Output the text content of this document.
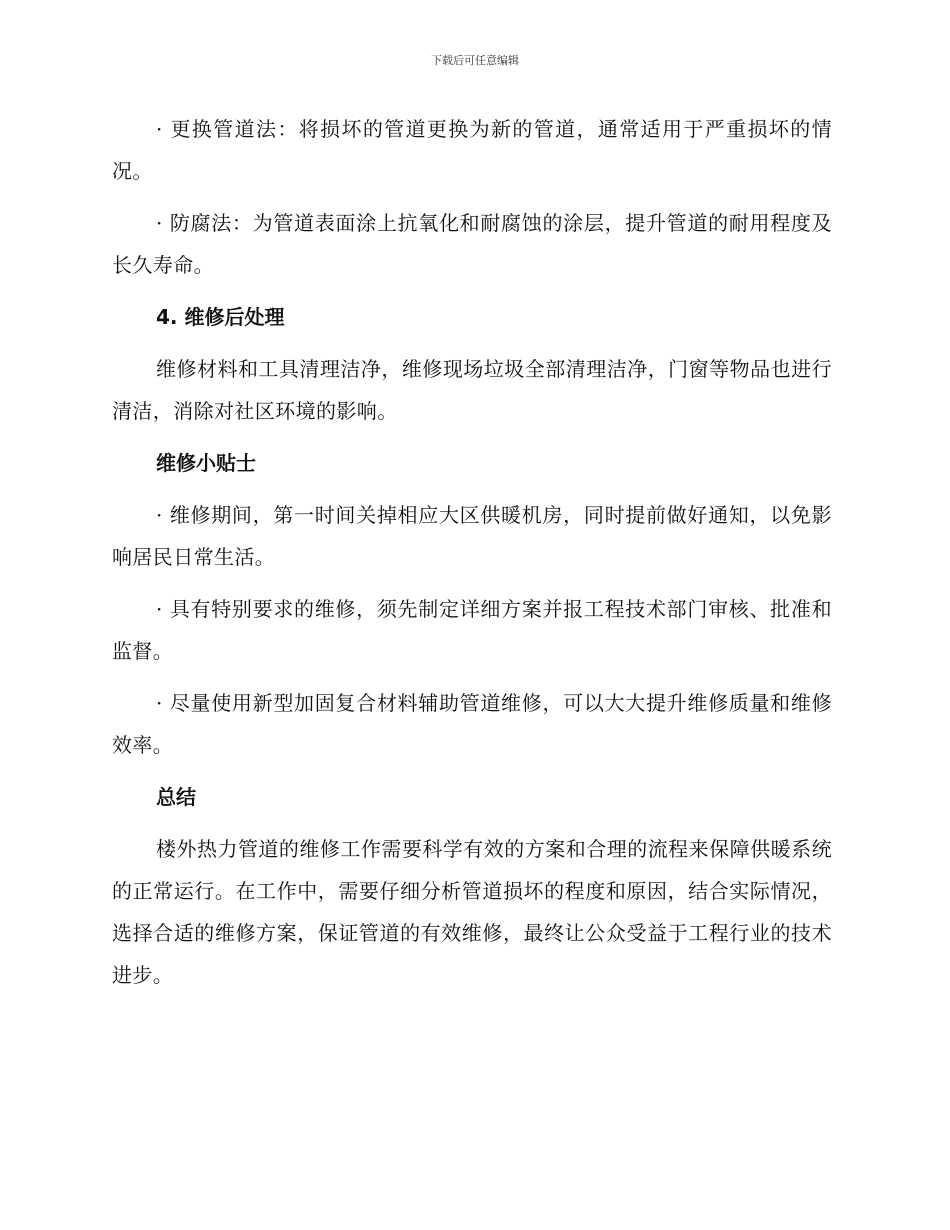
下载后可任意编辑

· 更换管道法：将损坏的管道更换为新的管道，通常适用于严重损坏的情况。

· 防腐法：为管道表面涂上抗氧化和耐腐蚀的涂层，提升管道的耐用程度及长久寿命。

4. 维修后处理

维修材料和工具清理洁净，维修现场垃圾全部清理洁净，门窗等物品也进行清洁，消除对社区环境的影响。

维修小贴士

· 维修期间，第一时间关掉相应大区供暖机房，同时提前做好通知，以免影响居民日常生活。

· 具有特别要求的维修，须先制定详细方案并报工程技术部门审核、批准和监督。

· 尽量使用新型加固复合材料辅助管道维修，可以大大提升维修质量和维修效率。

总结

楼外热力管道的维修工作需要科学有效的方案和合理的流程来保障供暖系统的正常运行。在工作中，需要仔细分析管道损坏的程度和原因，结合实际情况，选择合适的维修方案，保证管道的有效维修，最终让公众受益于工程行业的技术进步。
